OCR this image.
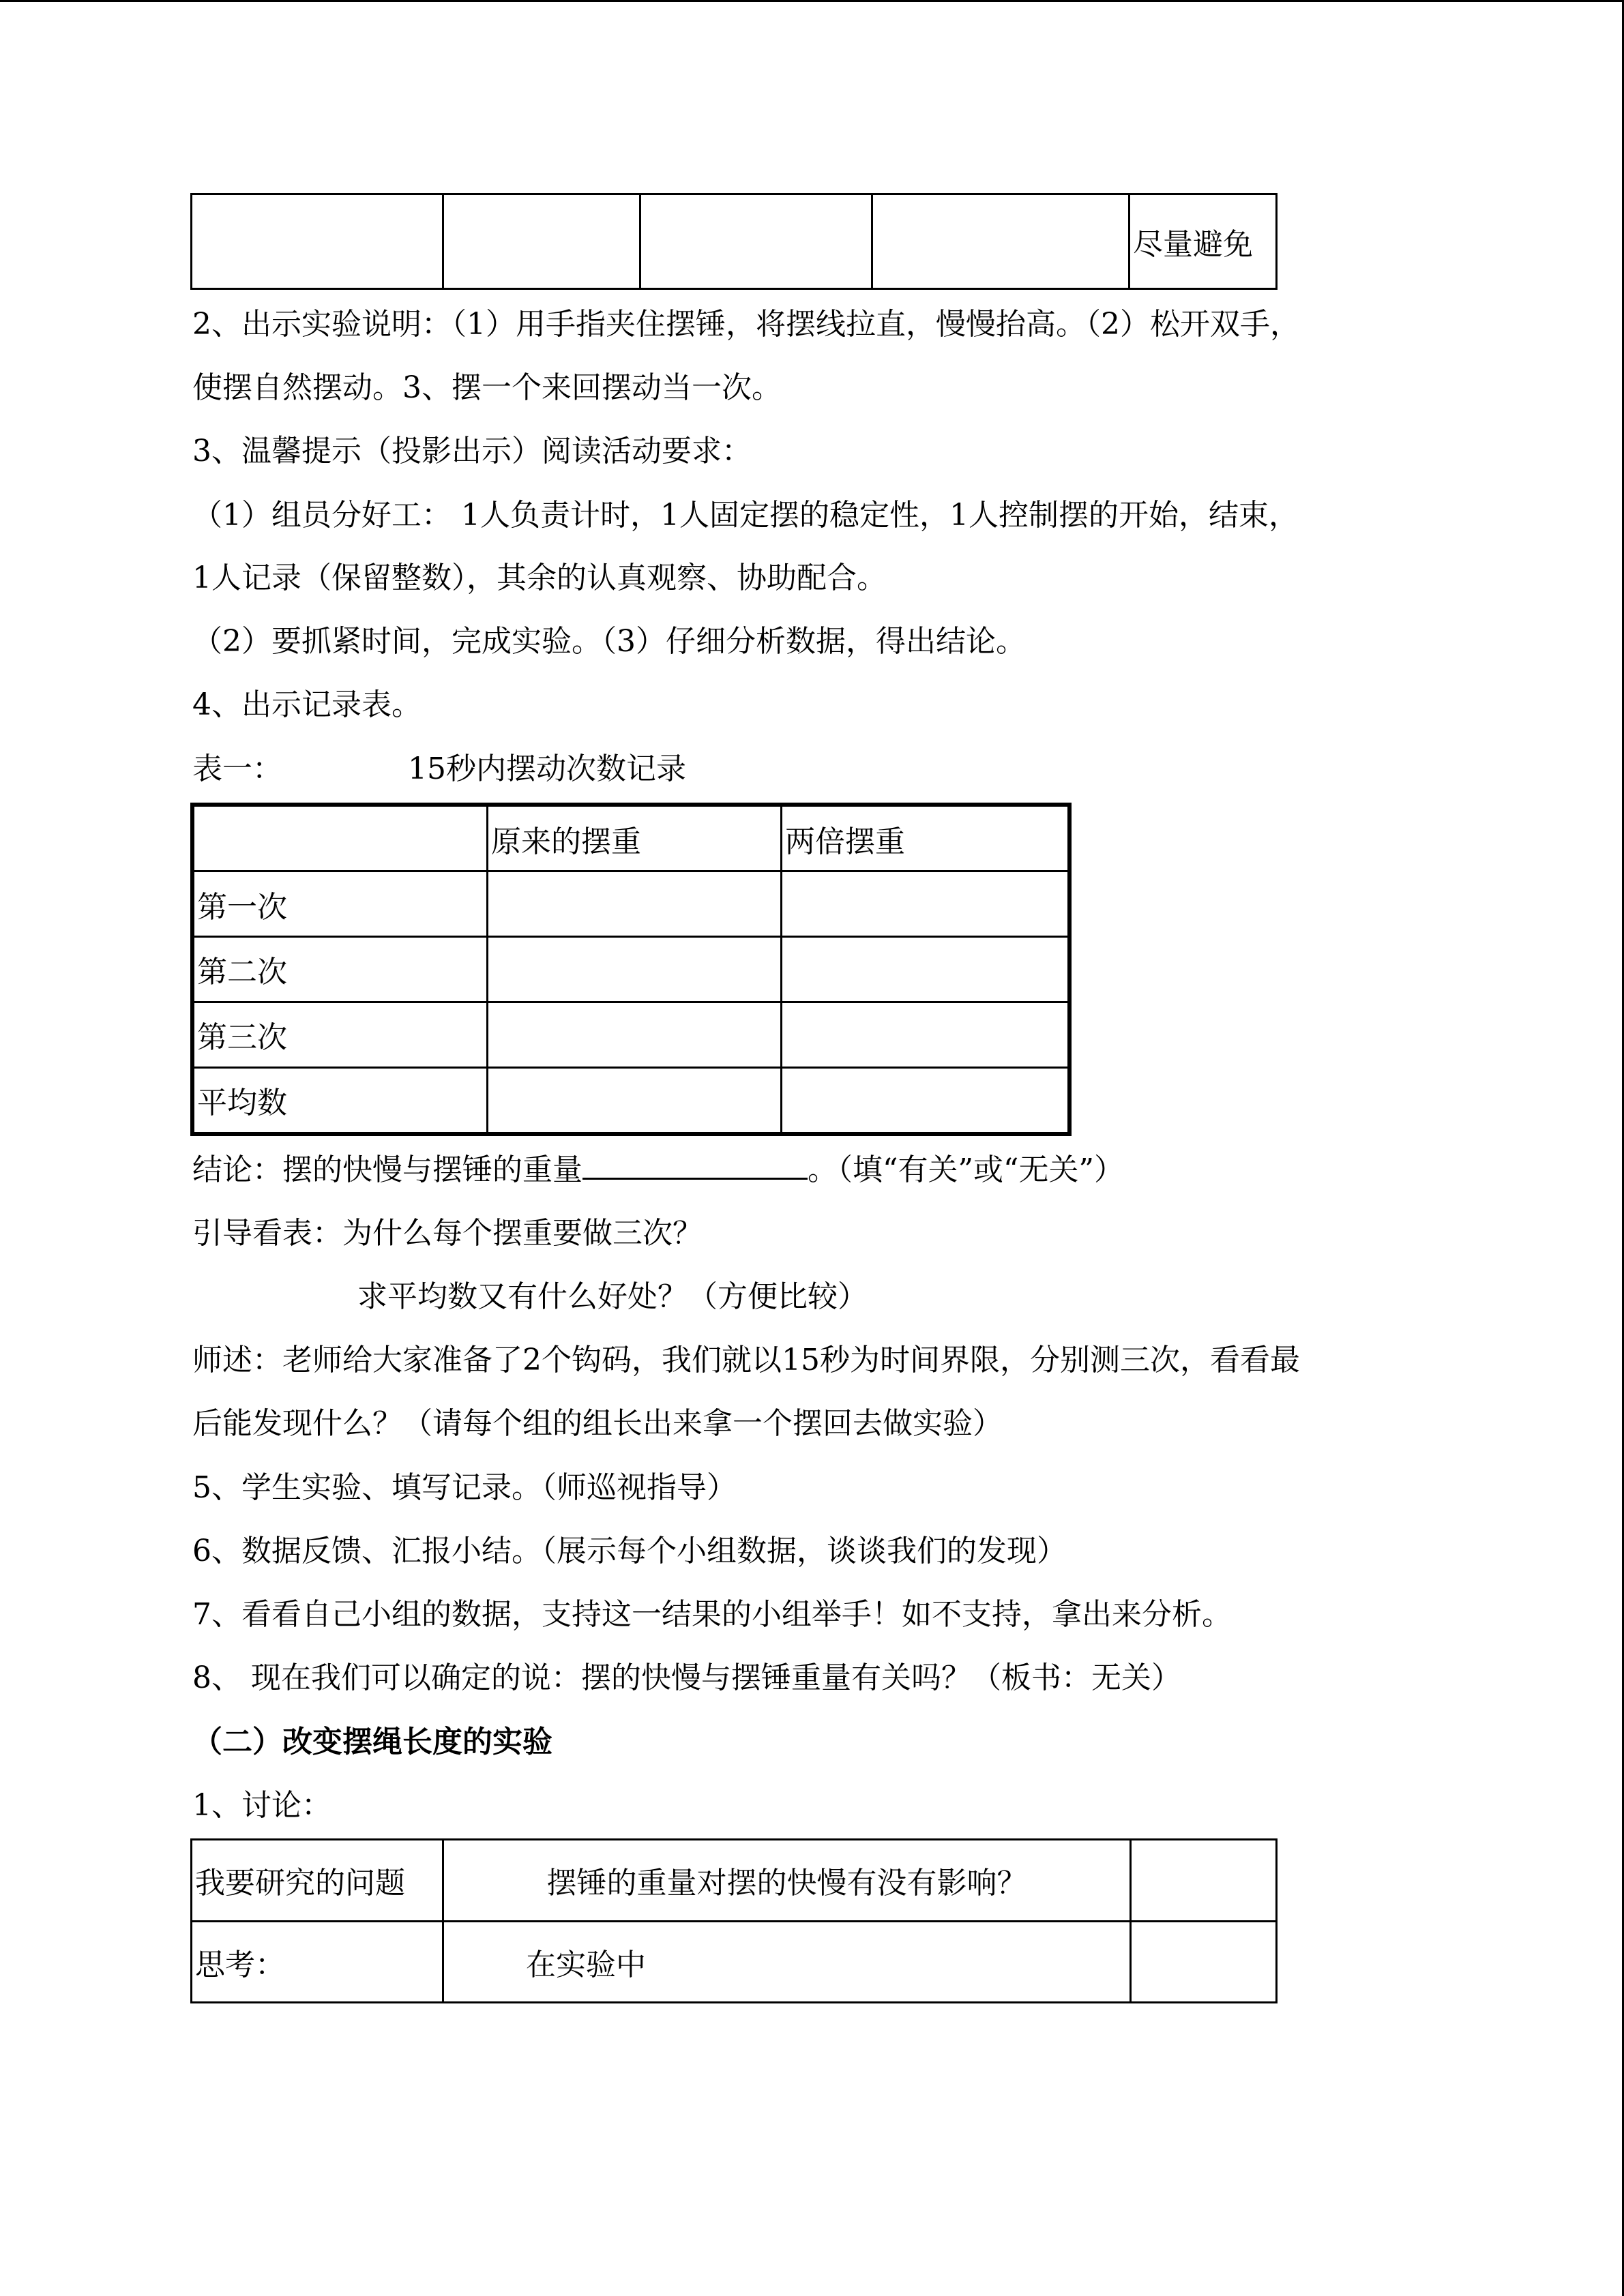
				尽量避免
2、出示实验说明：（1）用手指夹住摆锤，将摆线拉直，慢慢抬高。（2）松开双手，
使摆自然摆动。3、摆一个来回摆动当一次。
3、温馨提示（投影出示）阅读活动要求：
（1）组员分好工： 1人负责计时，1人固定摆的稳定性，1人控制摆的开始，结束，
1人记录（保留整数），其余的认真观察、协助配合。
（2）要抓紧时间，完成实验。（3）仔细分析数据，得出结论。
4、出示记录表。
表一：	15秒内摆动次数记录
	原来的摆重	两倍摆重
第一次		
第二次		
第三次		
平均数		
结论：摆的快慢与摆锤的重量	。（填“有关”或“无关”）
引导看表：为什么每个摆重要做三次？
求平均数又有什么好处？（方便比较）
师述：老师给大家准备了2个钩码，我们就以15秒为时间界限，分别测三次，看看最
后能发现什么？（请每个组的组长出来拿一个摆回去做实验）
5、学生实验、填写记录。（师巡视指导）
6、数据反馈、汇报小结。（展示每个小组数据，谈谈我们的发现）
7、看看自己小组的数据，支持这一结果的小组举手！如不支持，拿出来分析。
8、 现在我们可以确定的说：摆的快慢与摆锤重量有关吗？（板书：无关）
（二）改变摆绳长度的实验
1、讨论：
我要研究的问题	摆锤的重量对摆的快慢有没有影响？	
思考：	在实验中	
